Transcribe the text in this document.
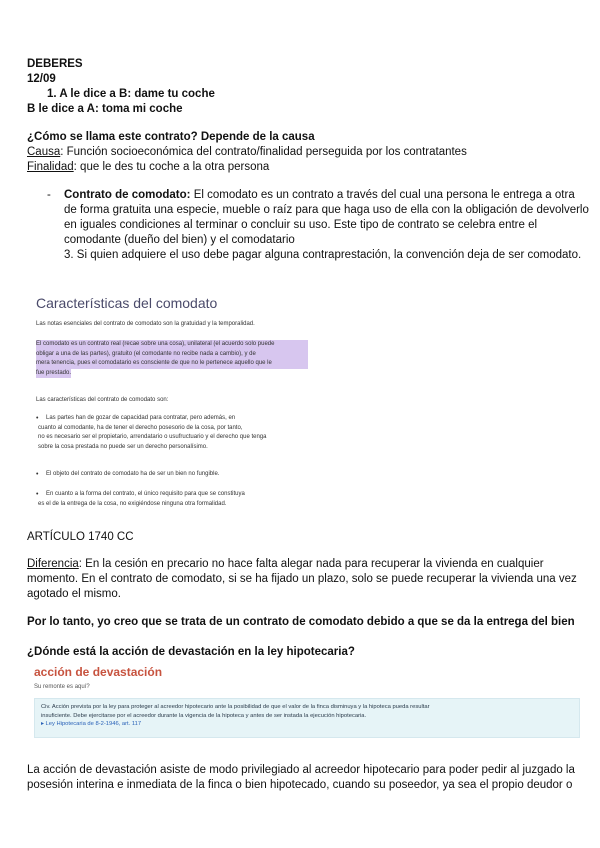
DEBERES
12/09
1. A le dice a B: dame tu coche
B le dice a A: toma mi coche
¿Cómo se llama este contrato? Depende de la causa
Causa: Función socioeconómica del contrato/finalidad perseguida por los contratantes
Finalidad: que le des tu coche a la otra persona
- Contrato de comodato: El comodato es un contrato a través del cual una persona le entrega a otra
de forma gratuita una especie, mueble o raíz para que haga uso de ella con la obligación de devolverlo
en iguales condiciones al terminar o concluir su uso. Este tipo de contrato se celebra entre el
comodante (dueño del bien) y el comodatario
3. Si quien adquiere el uso debe pagar alguna contraprestación, la convención deja de ser comodato.
Características del comodato
Las notas esenciales del contrato de comodato son la gratuidad y la temporalidad.
El comodato es un contrato real (recae sobre una cosa), unilateral (el acuerdo solo puede
obligar a una de las partes), gratuito (el comodante no recibe nada a cambio), y de
mera tenencia, pues el comodatario es consciente de que no le pertenece aquello que le
fue prestado.
Las características del contrato de comodato son:
•	Las partes han de gozar de capacidad para contratar, pero además, en
cuanto al comodante, ha de tener el derecho posesorio de la cosa, por tanto,
no es necesario ser el propietario, arrendatario o usufructuario y el derecho que tenga
sobre la cosa prestada no puede ser un derecho personalísimo.
•	El objeto del contrato de comodato ha de ser un bien no fungible.
•	En cuanto a la forma del contrato, el único requisito para que se constituya
es el de la entrega de la cosa, no exigiéndose ninguna otra formalidad.
ARTÍCULO 1740 CC
Diferencia: En la cesión en precario no hace falta alegar nada para recuperar la vivienda en cualquier
momento. En el contrato de comodato, si se ha fijado un plazo, solo se puede recuperar la vivienda una vez
agotado el mismo.
Por lo tanto, yo creo que se trata de un contrato de comodato debido a que se da la entrega del bien
¿Dónde está la acción de devastación en la ley hipotecaria?
acción de devastación
Su remonte es aquí?
Civ. Acción prevista por la ley para proteger al acreedor hipotecario ante la posibilidad de que el valor de la finca disminuya y la hipoteca pueda resultar
insuficiente. Debe ejercitarse por el acreedor durante la vigencia de la hipoteca y antes de ser instada la ejecución hipotecaria.
▸ Ley Hipotecaria de 8-2-1946, art. 117
La acción de devastación asiste de modo privilegiado al acreedor hipotecario para poder pedir al juzgado la
posesión interina e inmediata de la finca o bien hipotecado, cuando su poseedor, ya sea el propio deudor o
